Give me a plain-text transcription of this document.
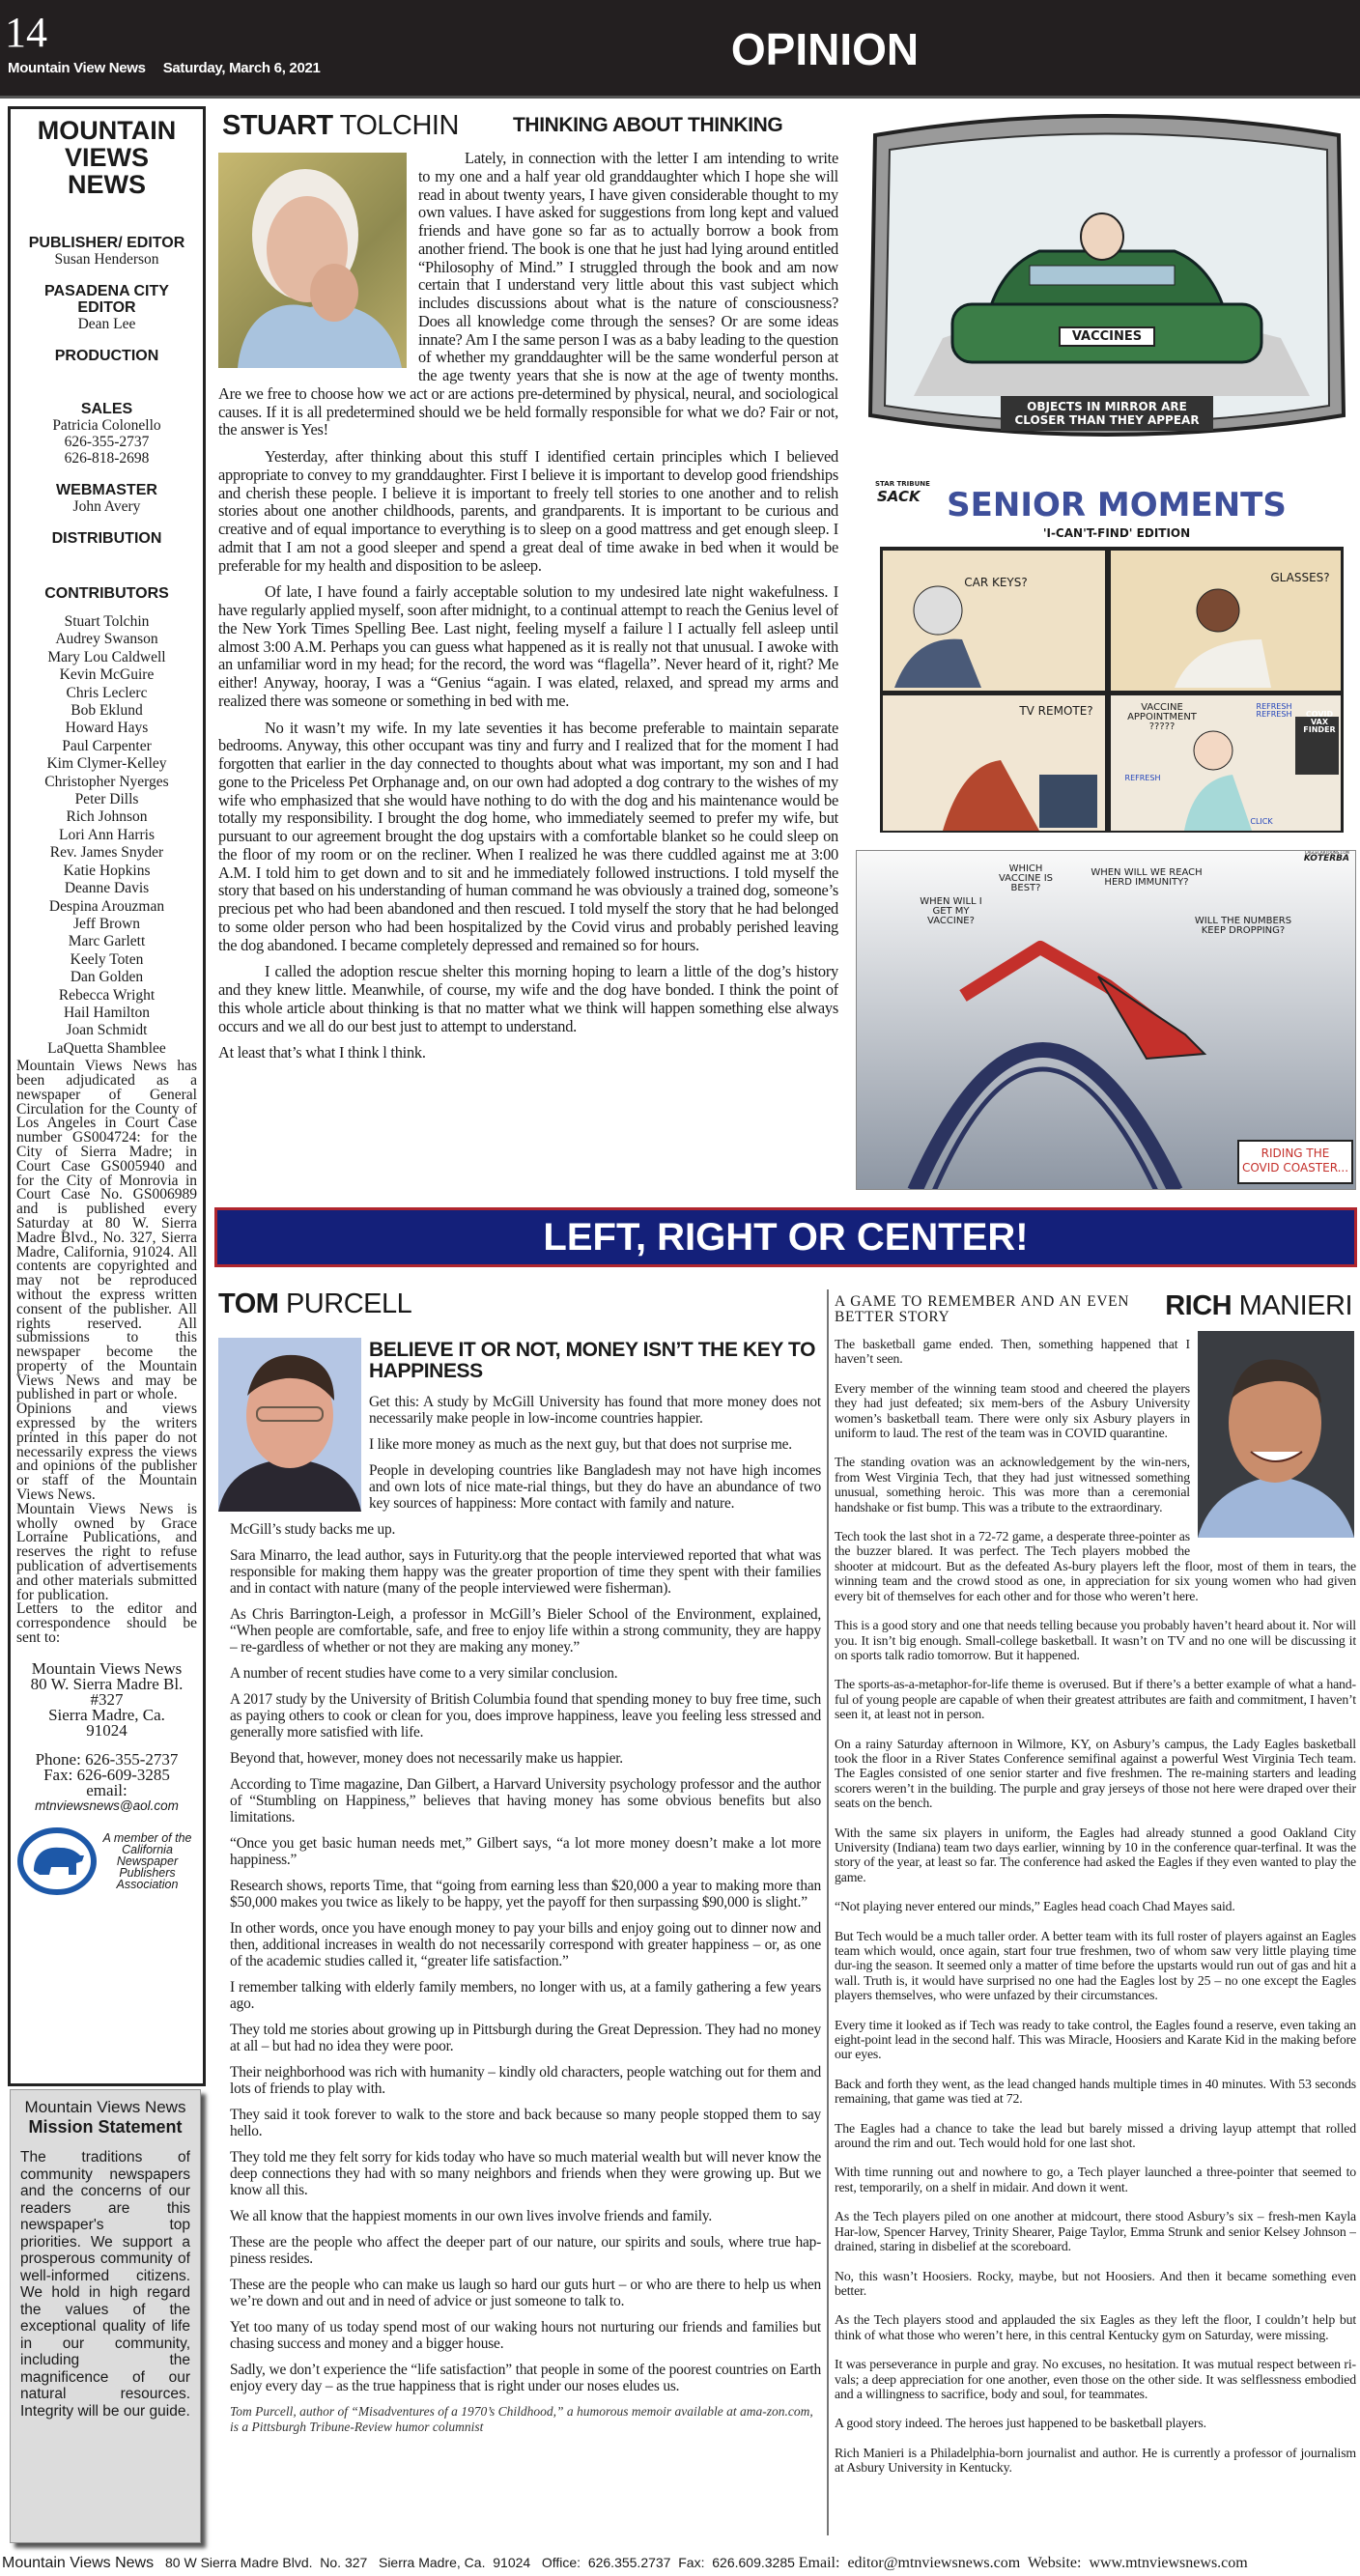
14
Mountain View News Saturday, March 6, 2021	OPINION
MOUNTAIN
VIEWS
NEWS
PUBLISHER/ EDITOR
Susan Henderson
PASADENA CITY EDITOR
Dean Lee
PRODUCTION
SALES
Patricia Colonello
626-355-2737
626-818-2698
WEBMASTER
John Avery
DISTRIBUTION
CONTRIBUTORS
Stuart Tolchin
Audrey Swanson
Mary Lou Caldwell
Kevin McGuire
Chris Leclerc
Bob Eklund
Howard Hays
Paul Carpenter
Kim Clymer-Kelley
Christopher Nyerges
Peter Dills
Rich Johnson
Lori Ann Harris
Rev. James Snyder
Katie Hopkins
Deanne Davis
Despina Arouzman
Jeff Brown
Marc Garlett
Keely Toten
Dan Golden
Rebecca Wright
Hail Hamilton
Joan Schmidt
LaQuetta Shamblee

Mountain Views News has been adjudicated as a newspaper of General Circulation for the County of Los Angeles in Court Case number GS004724: for the City of Sierra Madre; in Court Case GS005940 and for the City of Monrovia in Court Case No. GS006989 and is published every Saturday at 80 W. Sierra Madre Blvd., No. 327, Sierra Madre, California, 91024. All contents are copyrighted and may not be reproduced without the express written consent of the publisher. All rights reserved. All submissions to this newspaper become the property of the Mountain Views News and may be published in part or whole.

Opinions and views expressed by the writers printed in this paper do not necessarily express the views and opinions of the publisher or staff of the Mountain Views News.

Mountain Views News is wholly owned by Grace Lorraine Publications, and reserves the right to refuse publication of advertisements and other materials submitted for publication.

Letters to the editor and correspondence should be sent to:

Mountain Views News
80 W. Sierra Madre Bl.
#327
Sierra Madre, Ca.
91024
Phone: 626-355-2737
Fax: 626-609-3285
email:
mtnviewsnews@aol.com
A member of the California Newspaper Publishers Association
Mountain Views News
Mission Statement
The traditions of community newspapers and the concerns of our readers are this newspaper's top priorities. We support a prosperous community of well-informed citizens. We hold in high regard the values of the exceptional quality of life in our community, including the magnificence of our natural resources. Integrity will be our guide.
STUART TOLCHIN	THINKING ABOUT THINKING

Lately, in connection with the letter I am intending to write to my one and a half year old granddaughter which I hope she will read in about twenty years, I have given considerable thought to my own values. I have asked for suggestions from long kept and valued friends and have gone so far as to actually borrow a book from another friend. The book is one that he just had lying around entitled “Philosophy of Mind.” I struggled through the book and am now certain that I understand very little about this vast subject which includes discussions about what is the nature of consciousness? Does all knowledge come through the senses? Or are some ideas innate? Am I the same person I was as a baby leading to the question of whether my granddaughter will be the same wonderful person at the age twenty years that she is now at the age of twenty months. Are we free to choose how we act or are actions pre-determined by physical, neural, and sociological causes. If it is all predetermined should we be held formally responsible for what we do? Fair or not, the answer is Yes!

Yesterday, after thinking about this stuff I identified certain principles which I believed appropriate to convey to my granddaughter. First I believe it is important to develop good friendships and cherish these people. I believe it is important to freely tell stories to one another and to relish stories about one another childhoods, parents, and grandparents. It is important to be curious and creative and of equal importance to everything is to sleep on a good mattress and get enough sleep. I admit that I am not a good sleeper and spend a great deal of time awake in bed when it would be preferable for my health and disposition to be asleep.

Of late, I have found a fairly acceptable solution to my undesired late night wakefulness. I have regularly applied myself, soon after midnight, to a continual attempt to reach the Genius level of the New York Times Spelling Bee. Last night, feeling myself a failure l I actually fell asleep until almost 3:00 A.M. Perhaps you can guess what happened as it is really not that unusual. I awoke with an unfamiliar word in my head; for the record, the word was “flagella”. Never heard of it, right? Me either! Anyway, hooray, I was a “Genius “again. I was elated, relaxed, and spread my arms and realized there was someone or something in bed with me.

No it wasn’t my wife. In my late seventies it has become preferable to maintain separate bedrooms. Anyway, this other occupant was tiny and furry and I realized that for the moment I had forgotten that earlier in the day connected to thoughts about what was important, my son and I had gone to the Priceless Pet Orphanage and, on our own had adopted a dog contrary to the wishes of my wife who emphasized that she would have nothing to do with the dog and his maintenance would be totally my responsibility. I brought the dog home, who immediately seemed to prefer my wife, but pursuant to our agreement brought the dog upstairs with a comfortable blanket so he could sleep on the floor of my room or on the recliner. When I realized he was there cuddled against me at 3:00 A.M. I told him to get down and to sit and he immediately followed instructions. I told myself the story that based on his understanding of human command he was obviously a trained dog, someone’s precious pet who had been abandoned and then rescued. I told myself the story that he had belonged to some older person who had been hospitalized by the Covid virus and probably perished leaving the dog abandoned. I became completely depressed and remained so for hours.

I called the adoption rescue shelter this morning hoping to learn a little of the dog’s history and they knew little. Meanwhile, of course, my wife and the dog have bonded. I think the point of this whole article about thinking is that no matter what we think will happen something else always occurs and we all do our best just to attempt to understand.

At least that’s what I think l think.

VACCINES
OBJECTS IN MIRROR ARE CLOSER THAN THEY APPEAR
STAR TRIBUNE
SACK SENIOR MOMENTS
'I-CAN'T-FIND' EDITION
CAR KEYS?	GLASSES?
TV REMOTE?	VACCINE APPOINTMENT ?????
REFRESH REFRESH	COVID VAX FINDER
REFRESH
CLICK
KOTERBA
CAGLECARTOONS.COM
WHEN WILL I GET MY VACCINE?
WHICH VACCINE IS BEST?
WHEN WILL WE REACH HERD IMMUNITY?
WILL THE NUMBERS KEEP DROPPING?
RIDING THE COVID COASTER...
LEFT, RIGHT OR CENTER!
TOM PURCELL
BELIEVE IT OR NOT, MONEY ISN’T THE KEY TO HAPPINESS

Get this: A study by McGill University has found that more money does not necessarily make people in low-income countries happier.

I like more money as much as the next guy, but that does not surprise me.

People in developing countries like Bangladesh may not have high incomes and own lots of nice mate-rial things, but they do have an abundance of two key sources of happiness: More contact with family and nature.

McGill’s study backs me up.

Sara Minarro, the lead author, says in Futurity.org that the people interviewed reported that what was responsible for making them happy was the greater proportion of time they spent with their families and in contact with nature (many of the people interviewed were fisherman).

As Chris Barrington-Leigh, a professor in McGill’s Bieler School of the Environment, explained, “When people are comfortable, safe, and free to enjoy life within a strong community, they are happy – re-gardless of whether or not they are making any money.”

A number of recent studies have come to a very similar conclusion.

A 2017 study by the University of British Columbia found that spending money to buy free time, such as paying others to cook or clean for you, does improve happiness, leave you feeling less stressed and generally more satisfied with life.

Beyond that, however, money does not necessarily make us happier.

According to Time magazine, Dan Gilbert, a Harvard University psychology professor and the author of “Stumbling on Happiness,” believes that having money has some obvious benefits but also limitations.

“Once you get basic human needs met,” Gilbert says, “a lot more money doesn’t make a lot more happiness.”

Research shows, reports Time, that “going from earning less than $20,000 a year to making more than $50,000 makes you twice as likely to be happy, yet the payoff for then surpassing $90,000 is slight.”

In other words, once you have enough money to pay your bills and enjoy going out to dinner now and then, additional increases in wealth do not necessarily correspond with greater happiness – or, as one of the academic studies called it, “greater life satisfaction.”

I remember talking with elderly family members, no longer with us, at a family gathering a few years ago.

They told me stories about growing up in Pittsburgh during the Great Depression. They had no money at all – but had no idea they were poor.

Their neighborhood was rich with humanity – kindly old characters, people watching out for them and lots of friends to play with.

They said it took forever to walk to the store and back because so many people stopped them to say hello.

They told me they felt sorry for kids today who have so much material wealth but will never know the deep connections they had with so many neighbors and friends when they were growing up. But we know all this.

We all know that the happiest moments in our own lives involve friends and family.

These are the people who affect the deeper part of our nature, our spirits and souls, where true hap-piness resides.

These are the people who can make us laugh so hard our guts hurt – or who are there to help us when we’re down and out and in need of advice or just someone to talk to.

Yet too many of us today spend most of our waking hours not nurturing our friends and families but chasing success and money and a bigger house.

Sadly, we don’t experience the “life satisfaction” that people in some of the poorest countries on Earth enjoy every day – as the true happiness that is right under our noses eludes us.

Tom Purcell, author of “Misadventures of a 1970’s Childhood,” a humorous memoir available at ama-zon.com, is a Pittsburgh Tribune-Review humor columnist
A GAME TO REMEMBER AND AN EVEN BETTER STORY	RICH MANIERI

The basketball game ended. Then, something happened that I haven’t seen.

Every member of the winning team stood and cheered the players they had just defeated; six mem-bers of the Asbury University women’s basketball team. There were only six Asbury players in uniform to laud. The rest of the team was in COVID quarantine.

The standing ovation was an acknowledgement by the win-ners, from West Virginia Tech, that they had just witnessed something unusual, something heroic. This was more than a ceremonial handshake or fist bump. This was a tribute to the extraordinary.

Tech took the last shot in a 72-72 game, a desperate three-pointer as the buzzer blared. It was perfect. The Tech players mobbed the shooter at midcourt. But as the defeated As-bury players left the floor, most of them in tears, the winning team and the crowd stood as one, in appreciation for six young women who had given every bit of themselves for each other and for those who weren’t here.

This is a good story and one that needs telling because you probably haven’t heard about it. Nor will you. It isn’t big enough. Small-college basketball. It wasn’t on TV and no one will be discussing it on sports talk radio tomorrow. But it happened.

The sports-as-a-metaphor-for-life theme is overused. But if there’s a better example of what a hand-ful of young people are capable of when their greatest attributes are faith and commitment, I haven’t seen it, at least not in person.

On a rainy Saturday afternoon in Wilmore, KY, on Asbury’s campus, the Lady Eagles basketball took the floor in a River States Conference semifinal against a powerful West Virginia Tech team. The Eagles consisted of one senior starter and five freshmen. The re-maining starters and leading scorers weren’t in the building. The purple and gray jerseys of those not here were draped over their seats on the bench.

With the same six players in uniform, the Eagles had already stunned a good Oakland City University (Indiana) team two days earlier, winning by 10 in the conference quar-terfinal. It was the story of the year, at least so far. The conference had asked the Eagles if they even wanted to play the game.

“Not playing never entered our minds,” Eagles head coach Chad Mayes said.

But Tech would be a much taller order. A better team with its full roster of players against an Eagles team which would, once again, start four true freshmen, two of whom saw very little playing time dur-ing the season. It seemed only a matter of time before the upstarts would run out of gas and hit a wall. Truth is, it would have surprised no one had the Eagles lost by 25 – no one except the Eagles players themselves, who were unfazed by their circumstances.

Every time it looked as if Tech was ready to take control, the Eagles found a reserve, even taking an eight-point lead in the second half. This was Miracle, Hoosiers and Karate Kid in the making before our eyes.

Back and forth they went, as the lead changed hands multiple times in 40 minutes. With 53 seconds remaining, that game was tied at 72.

The Eagles had a chance to take the lead but barely missed a driving layup attempt that rolled around the rim and out. Tech would hold for one last shot.

With time running out and nowhere to go, a Tech player launched a three-pointer that seemed to rest, temporarily, on a shelf in midair. And down it went.

As the Tech players piled on one another at midcourt, there stood Asbury’s six – fresh-men Kayla Har-low, Spencer Harvey, Trinity Shearer, Paige Taylor, Emma Strunk and senior Kelsey Johnson – drained, staring in disbelief at the scoreboard.

No, this wasn’t Hoosiers. Rocky, maybe, but not Hoosiers. And then it became something even better.

As the Tech players stood and applauded the six Eagles as they left the floor, I couldn’t help but think of what those who weren’t here, in this central Kentucky gym on Saturday, were missing.

It was perseverance in purple and gray. No excuses, no hesitation. It was mutual respect between ri-vals; a deep appreciation for one another, even those on the other side. It was selflessness embodied and a willingness to sacrifice, body and soul, for teammates.

A good story indeed. The heroes just happened to be basketball players.

Rich Manieri is a Philadelphia-born journalist and author. He is currently a professor of journalism at Asbury University in Kentucky.

Mountain Views News 80 W Sierra Madre Blvd.  No. 327   Sierra Madre, Ca.  91024   Office:  626.355.2737  Fax:  626.609.3285 Email:  editor@mtnviewsnews.com  Website:  www.mtnviewsnews.com
